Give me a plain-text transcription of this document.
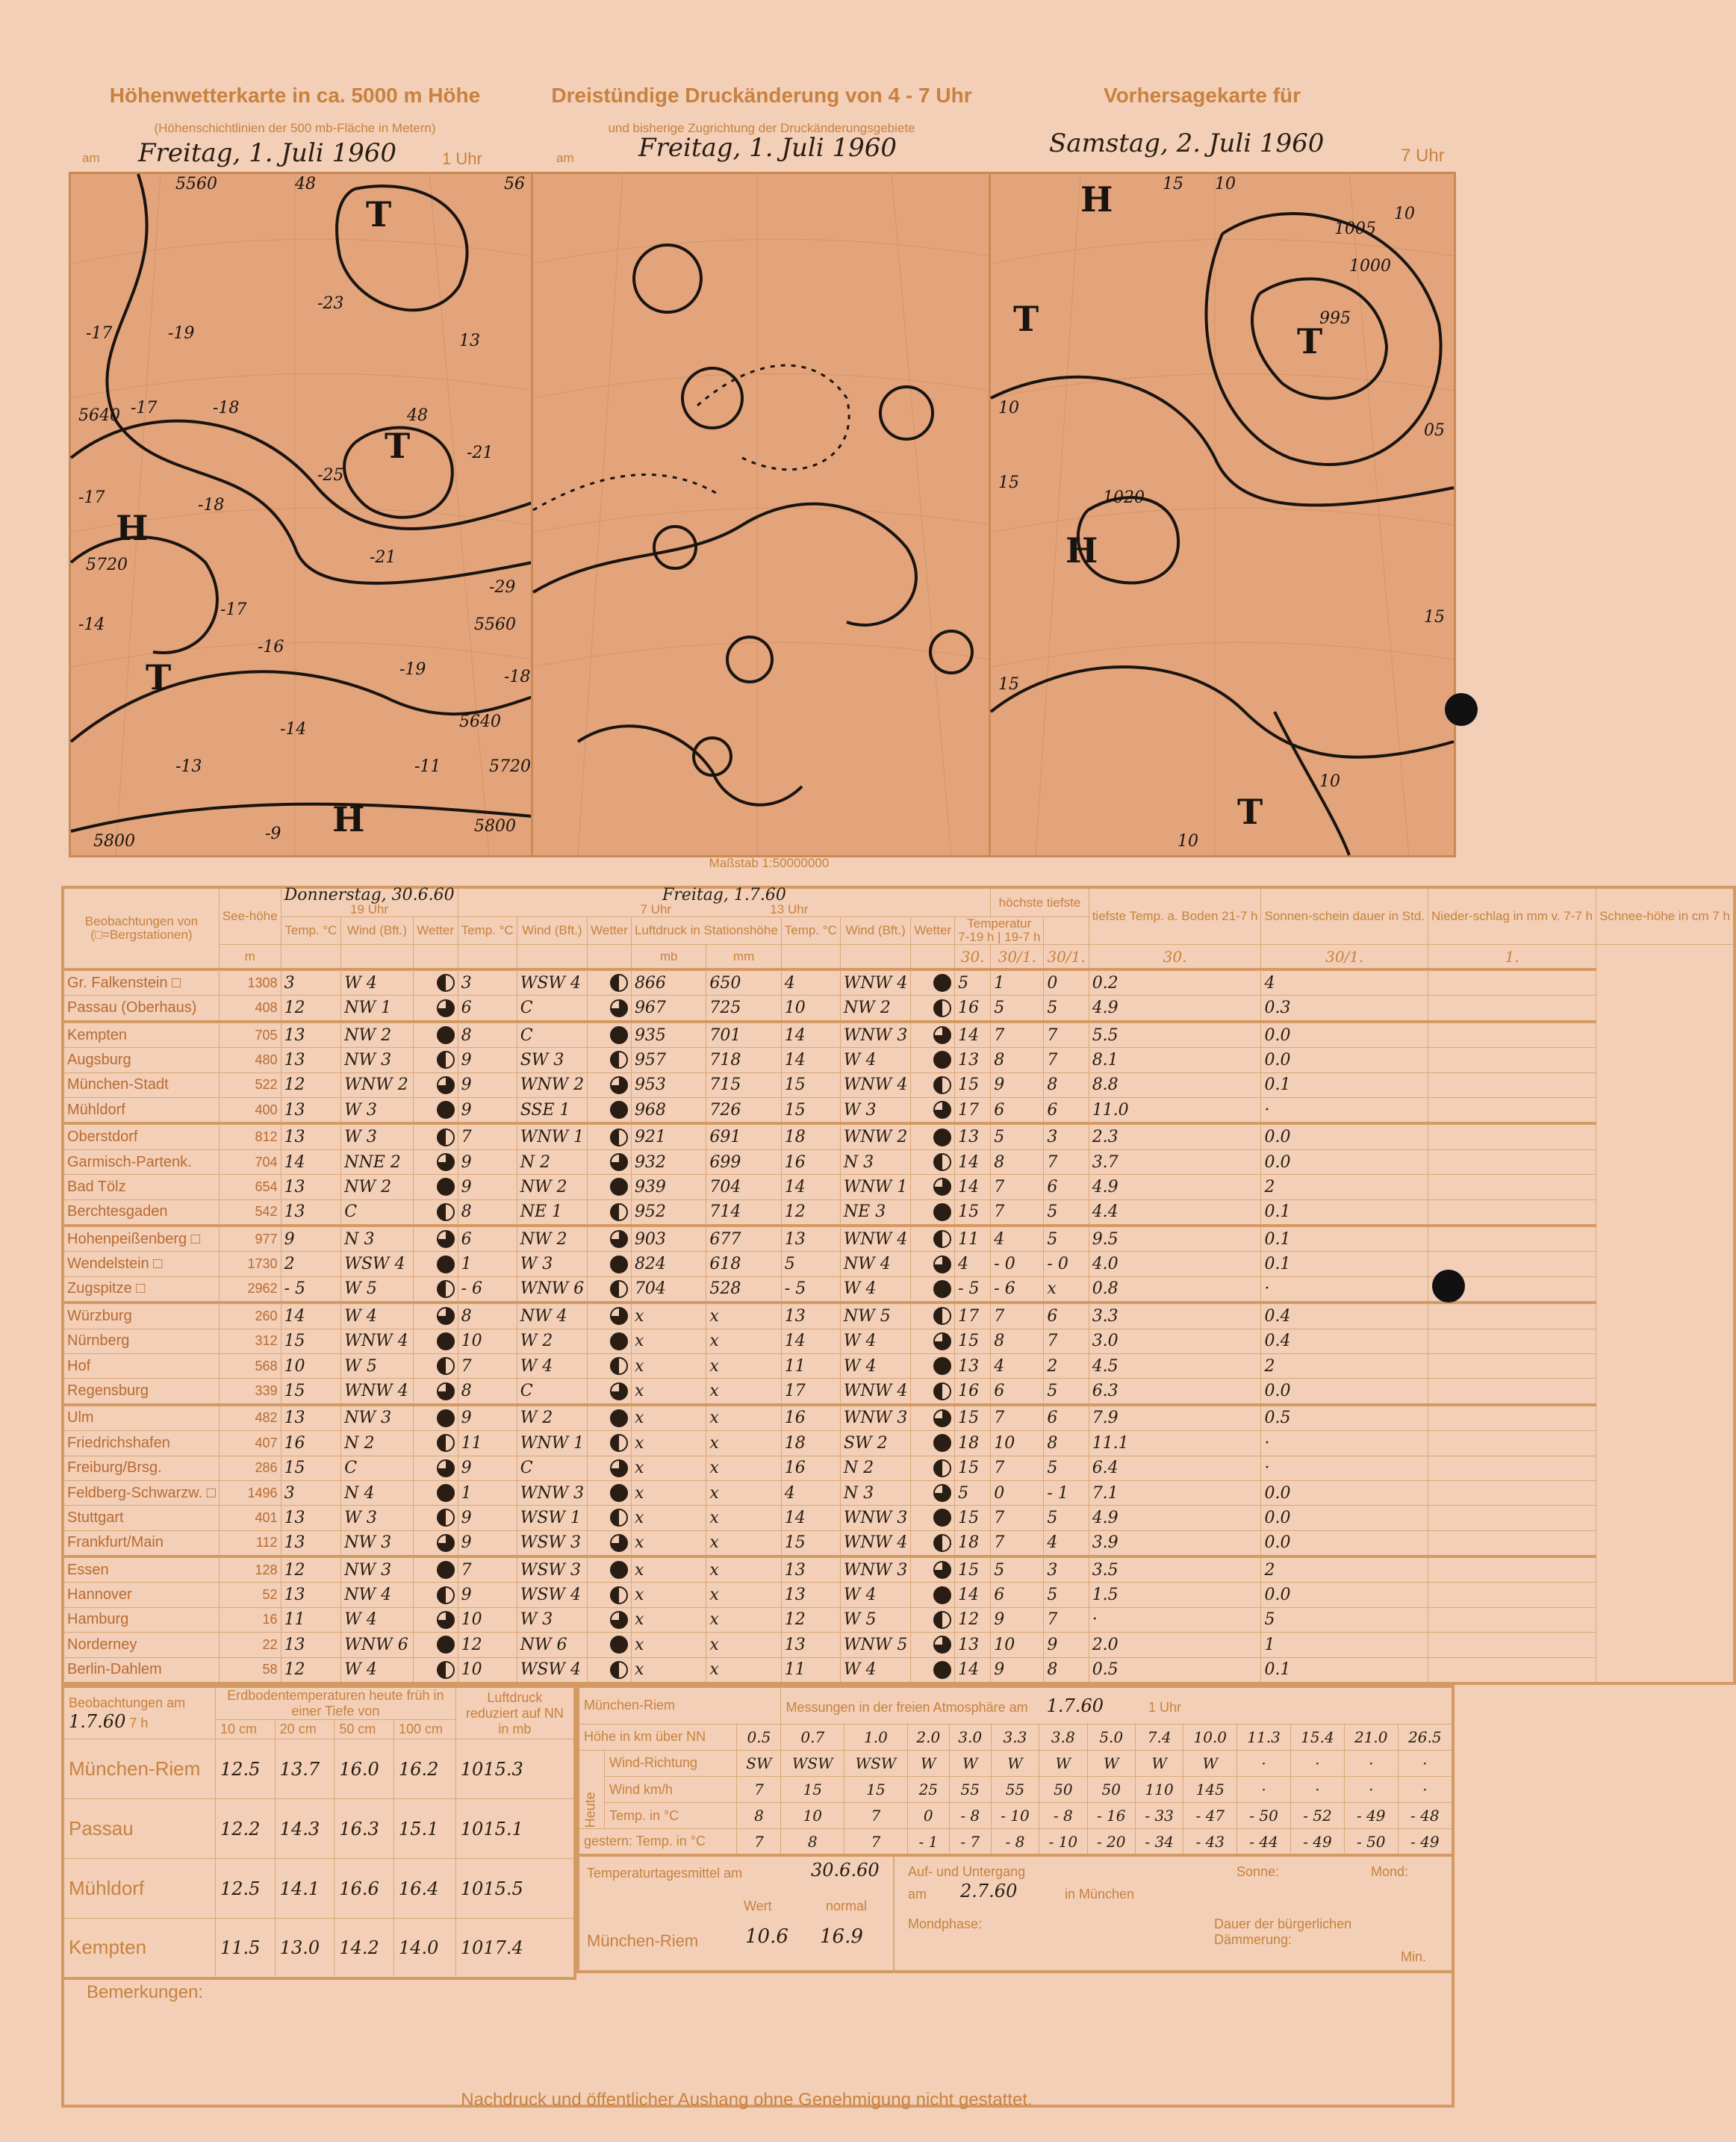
Höhenwetterkarte in ca. 5000 m Höhe
(Höhenschichtlinien der 500 mb-Fläche in Metern)
am Freitag, 1. Juli 1960	1 Uhr
Dreistündige Druckänderung von 4 - 7 Uhr
und bisherige Zugrichtung der Druckänderungsgebiete
am	Freitag, 1. Juli 1960
Vorhersagekarte für
Samstag, 2. Juli 1960	7 Uhr
5560	48	56
-17	-19
-23
13
5640 -17	-18	48
-25
-21
-17	-18
5720	-21
-29
-14
-17
5560
-16
-19	-18
5640
-14
-13	-11	5720
5800	-9	5800
T
T
T
H
H
15 10
10
1005
1000
995
10
15
1020
05
15
15
10
10
T
T
T
H
H
Maßstab 1:50000000
Beobachtungen von
(□=Bergstationen)	See-höhe	Donnerstag, 30.6.60
19 Uhr			Freitag, 1.7.60
7 Uhr 13 Uhr									höchste tiefste		tiefste Temp. a. Boden 21-7 h	Sonnen-schein dauer in Std.	Nieder-schlag in mm v. 7-7 h	Schnee-höhe in cm 7 h
		Temp. °C	Wind (Bft.)	Wetter	Temp. °C	Wind (Bft.)	Wetter	Luftdruck in Stationshöhe		Temp. °C	Wind (Bft.)	Wetter	Temperatur
7-19 h | 19-7 h						
	m							mb	mm				30.	30/1.	30/1.	30.	30/1.	1.	
Gr. Falkenstein □	1308	3	W 4		3	WSW 4		866	650	4	WNW 4		5	1	0	0.2	4		
Passau (Oberhaus)	408	12	NW 1		6	C		967	725	10	NW 2		16	5	5	4.9	0.3		
Kempten	705	13	NW 2		8	C		935	701	14	WNW 3		14	7	7	5.5	0.0		
Augsburg	480	13	NW 3		9	SW 3		957	718	14	W 4		13	8	7	8.1	0.0		
München-Stadt	522	12	WNW 2		9	WNW 2		953	715	15	WNW 4		15	9	8	8.8	0.1		
Mühldorf	400	13	W 3		9	SSE 1		968	726	15	W 3		17	6	6	11.0	·		
Oberstdorf	812	13	W 3		7	WNW 1		921	691	18	WNW 2		13	5	3	2.3	0.0		
Garmisch-Partenk.	704	14	NNE 2		9	N 2		932	699	16	N 3		14	8	7	3.7	0.0		
Bad Tölz	654	13	NW 2		9	NW 2		939	704	14	WNW 1		14	7	6	4.9	2		
Berchtesgaden	542	13	C		8	NE 1		952	714	12	NE 3		15	7	5	4.4	0.1		
Hohenpeißenberg □	977	9	N 3		6	NW 2		903	677	13	WNW 4		11	4	5	9.5	0.1		
Wendelstein □	1730	2	WSW 4		1	W 3		824	618	5	NW 4		4	- 0	- 0	4.0	0.1		
Zugspitze □	2962	- 5	W 5		- 6	WNW 6		704	528	- 5	W 4		- 5	- 6	x	0.8	·		
Würzburg	260	14	W 4		8	NW 4		x	x	13	NW 5		17	7	6	3.3	0.4		
Nürnberg	312	15	WNW 4		10	W 2		x	x	14	W 4		15	8	7	3.0	0.4		
Hof	568	10	W 5		7	W 4		x	x	11	W 4		13	4	2	4.5	2		
Regensburg	339	15	WNW 4		8	C		x	x	17	WNW 4		16	6	5	6.3	0.0		
Ulm	482	13	NW 3		9	W 2		x	x	16	WNW 3		15	7	6	7.9	0.5		
Friedrichshafen	407	16	N 2		11	WNW 1		x	x	18	SW 2		18	10	8	11.1	·		
Freiburg/Brsg.	286	15	C		9	C		x	x	16	N 2		15	7	5	6.4	·		
Feldberg-Schwarzw. □	1496	3	N 4		1	WNW 3		x	x	4	N 3		5	0	- 1	7.1	0.0		
Stuttgart	401	13	W 3		9	WSW 1		x	x	14	WNW 3		15	7	5	4.9	0.0		
Frankfurt/Main	112	13	NW 3		9	WSW 3		x	x	15	WNW 4		18	7	4	3.9	0.0		
Essen	128	12	NW 3		7	WSW 3		x	x	13	WNW 3		15	5	3	3.5	2		
Hannover	52	13	NW 4		9	WSW 4		x	x	13	W 4		14	6	5	1.5	0.0		
Hamburg	16	11	W 4		10	W 3		x	x	12	W 5		12	9	7	·	5		
Norderney	22	13	WNW 6		12	NW 6		x	x	13	WNW 5		13	10	9	2.0	1		
Berlin-Dahlem	58	12	W 4		10	WSW 4		x	x	11	W 4		14	9	8	0.5	0.1		
Beobachtungen am
1.7.60 7 h	Erdbodentemperaturen heute früh in einer Tiefe von				Luftdruck reduziert auf NN in mb
	10 cm	20 cm	50 cm	100 cm	
München-Riem	12.5	13.7	16.0	16.2	1015.3
Passau	12.2	14.3	16.3	15.1	1015.1
Mühldorf	12.5	14.1	16.6	16.4	1015.5
Kempten	11.5	13.0	14.2	14.0	1017.4
München-Riem			Messungen in der freien Atmosphäre am 1.7.60 1 Uhr												
Höhe in km über NN		0.5	0.7	1.0	2.0	3.0	3.3	3.8	5.0	7.4	10.0	11.3	15.4	21.0	26.5
Heute	Wind-Richtung	SW	WSW	WSW	W	W	W	W	W	W	W	·	·	·	·
	Wind km/h	7	15	15	25	55	55	50	50	110	145	·	·	·	·
	Temp. in °C	8	10	7	0	- 8	- 10	- 8	- 16	- 33	- 47	- 50	- 52	- 49	- 48
gestern: Temp. in °C		7	8	7	- 1	- 7	- 8	- 10	- 20	- 34	- 43	- 44	- 49	- 50	- 49
Temperaturtagesmittel am	30.6.60
München-Riem
Wert	normal
10.6 16.9
Auf- und Untergang
am 2.7.60	in München
Sonne:	Mond:
Mondphase:	Dauer der bürgerlichen Dämmerung:
Min.
Bemerkungen:
Nachdruck und öffentlicher Aushang ohne Genehmigung nicht gestattet.
